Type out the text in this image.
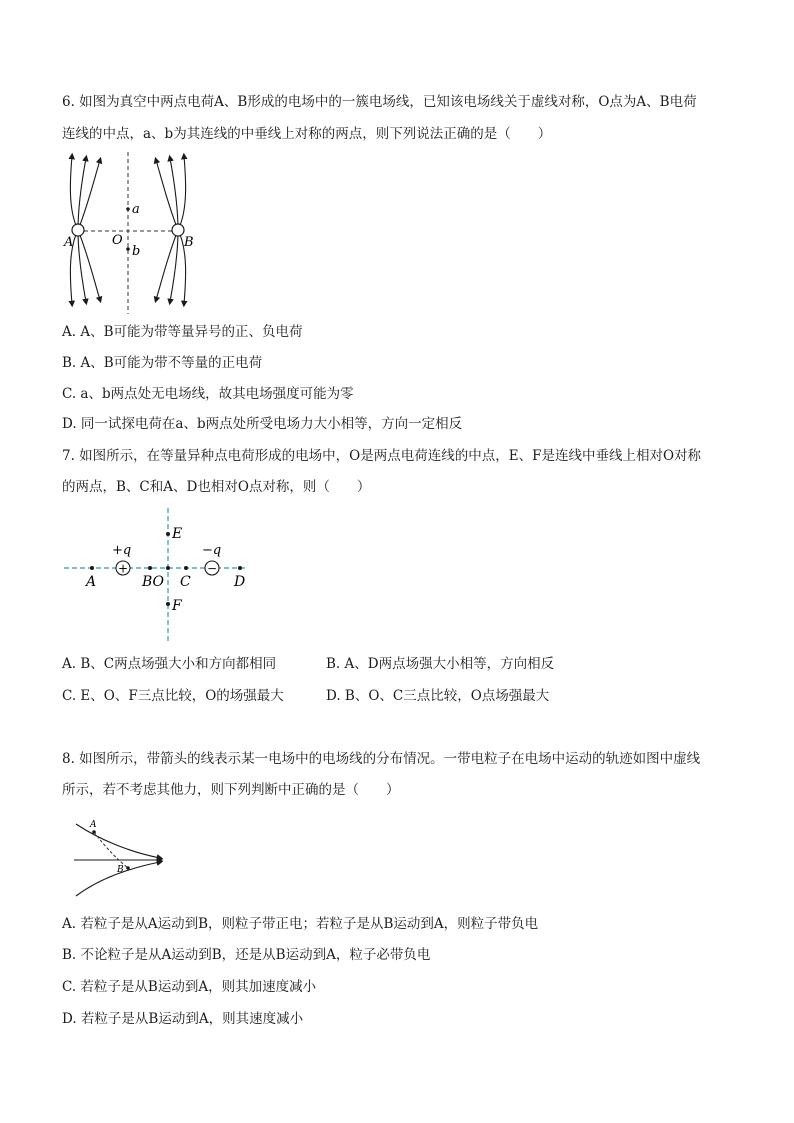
6. 如图为真空中两点电荷A、B形成的电场中的一簇电场线，已知该电场线关于虚线对称，O点为A、B电荷
连线的中点，a、b为其连线的中垂线上对称的两点，则下列说法正确的是（　　）
A	B
O
a
b
A. A、B可能为带等量异号的正、负电荷
B. A、B可能为带不等量的正电荷
C. a、b两点处无电场线，故其电场强度可能为零
D. 同一试探电荷在a、b两点处所受电场力大小相等，方向一定相反
7. 如图所示，在等量异种点电荷形成的电场中，O是两点电荷连线的中点，E、F是连线中垂线上相对O对称
的两点，B、C和A、D也相对O点对称，则（　　）
+	−
E
F
A	BO C	D
+q	−q
A. B、C两点场强大小和方向都相同	B. A、D两点场强大小相等，方向相反
C. E、O、F三点比较，O的场强最大	D. B、O、C三点比较，O点场强最大
8. 如图所示，带箭头的线表示某一电场中的电场线的分布情况。一带电粒子在电场中运动的轨迹如图中虚线
所示，若不考虑其他力，则下列判断中正确的是（　　）
A
B
A. 若粒子是从A运动到B，则粒子带正电；若粒子是从B运动到A，则粒子带负电
B. 不论粒子是从A运动到B，还是从B运动到A，粒子必带负电
C. 若粒子是从B运动到A，则其加速度减小
D. 若粒子是从B运动到A，则其速度减小
